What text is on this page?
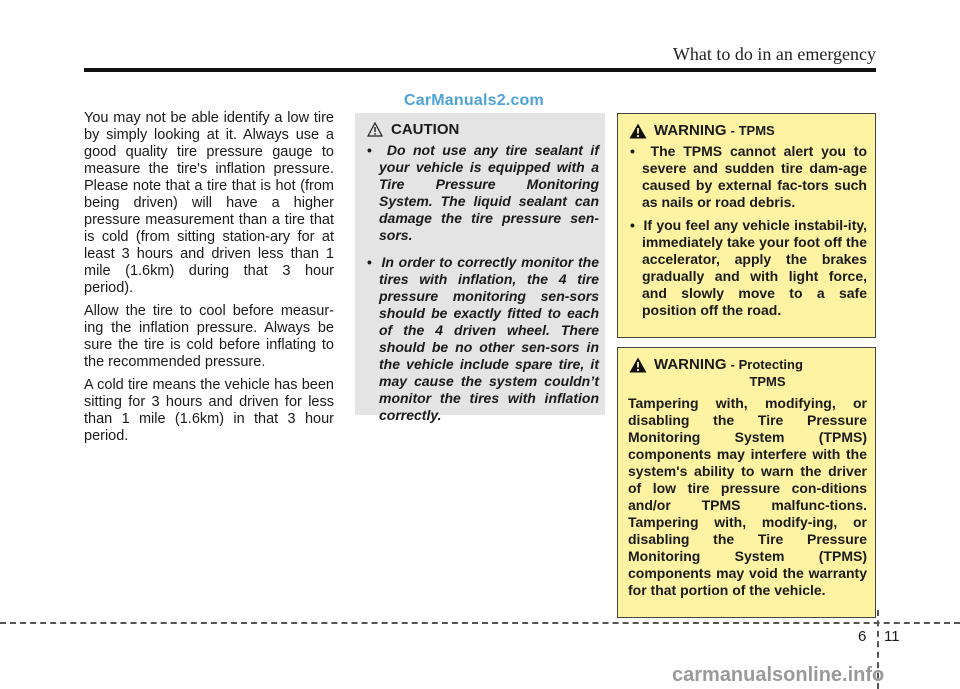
What to do in an emergency
CarManuals2.com

You may not be able identify a low tire by simply looking at it. Always use a good quality tire pressure gauge to measure the tire's inflation pressure. Please note that a tire that is hot (from being driven) will have a higher pressure measurement than a tire that is cold (from sitting station-ary for at least 3 hours and driven less than 1 mile (1.6km) during that 3 hour period).

Allow the tire to cool before measur-ing the inflation pressure. Always be sure the tire is cold before inflating to the recommended pressure.

A cold tire means the vehicle has been sitting for 3 hours and driven for less than 1 mile (1.6km) in that 3 hour period.

CAUTION
•  Do not use any tire sealant if your vehicle is equipped with a Tire Pressure Monitoring System. The liquid sealant can damage the tire pressure sen-sors.
•  In order to correctly monitor the tires with inflation, the 4 tire pressure monitoring sen-sors should be exactly fitted to each of the 4 driven wheel. There should be no other sen-sors in the vehicle include spare tire, it may cause the system couldn’t monitor the tires with inflation correctly.
WARNING
- TPMS
•  The TPMS cannot alert you to severe and sudden tire dam-age caused by external fac-tors such as nails or road debris.
•  If you feel any vehicle instabil-ity, immediately take your foot off the accelerator, apply the brakes gradually and with light force, and slowly move to a safe position off the road.
WARNING
- Protecting
TPMS

Tampering with, modifying, or disabling the Tire Pressure Monitoring System (TPMS) components may interfere with the system's ability to warn the driver of low tire pressure con-ditions and/or TPMS malfunc-tions. Tampering with, modify-ing, or disabling the Tire Pressure Monitoring System (TPMS) components may void the warranty for that portion of the vehicle.

6 11
carmanualsonline.info
